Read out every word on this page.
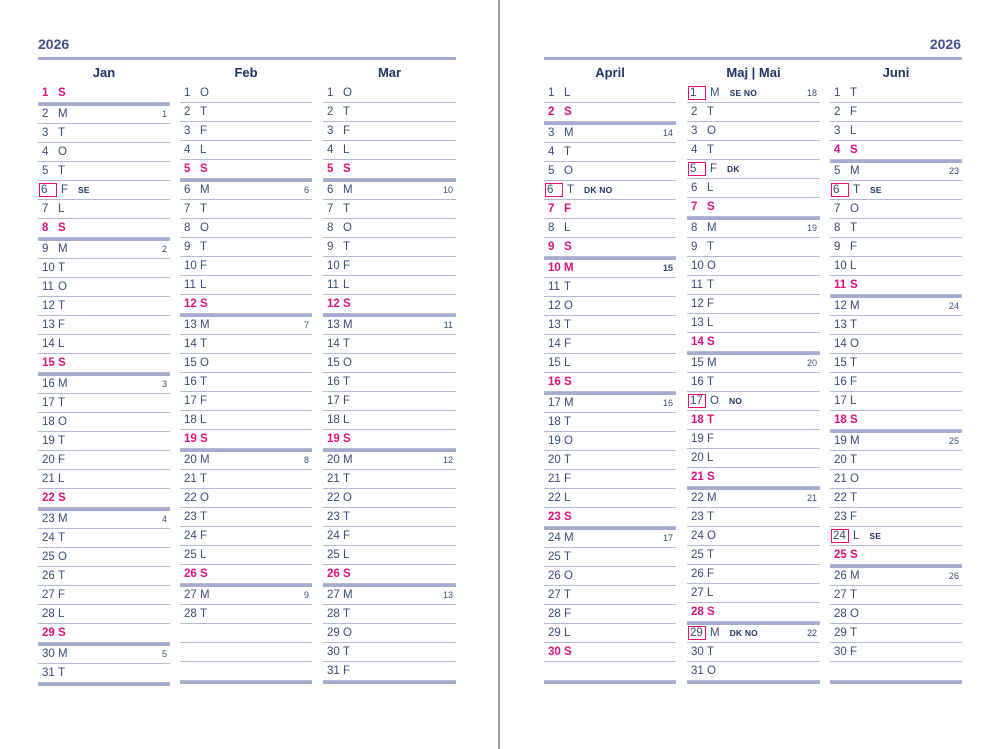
2026
Jan
1 S
2 M	1
3 T
4 O
5 T
6 F SE
7 L
8 S
9 M	2
10 T
11 O
12 T
13 F
14 L
15 S
16 M	3
17 T
18 O
19 T
20 F
21 L
22 S
23 M	4
24 T
25 O
26 T
27 F
28 L
29 S
30 M	5
31 T
Feb
1 O
2 T
3 F
4 L
5 S
6 M	6
7 T
8 O
9 T
10 F
11 L
12 S
13 M	7
14 T
15 O
16 T
17 F
18 L
19 S
20 M	8
21 T
22 O
23 T
24 F
25 L
26 S
27 M	9
28 T
Mar
1 O
2 T
3 F
4 L
5 S
6 M	10
7 T
8 O
9 T
10 F
11 L
12 S
13 M	11
14 T
15 O
16 T
17 F
18 L
19 S
20 M	12
21 T
22 O
23 T
24 F
25 L
26 S
27 M	13
28 T
29 O
30 T
31 F
2026
April
1 L
2 S
3 M	14
4 T
5 O
6 T DK NO
7 F
8 L
9 S
10 M	15
11 T
12 O
13 T
14 F
15 L
16 S
17 M	16
18 T
19 O
20 T
21 F
22 L
23 S
24 M	17
25 T
26 O
27 T
28 F
29 L
30 S
Maj | Mai
1 M SE NO	18
2 T
3 O
4 T
5 F DK
6 L
7 S
8 M	19
9 T
10 O
11 T
12 F
13 L
14 S
15 M	20
16 T
17 O NO
18 T
19 F
20 L
21 S
22 M	21
23 T
24 O
25 T
26 F
27 L
28 S
29 M DK NO	22
30 T
31 O
Juni
1 T
2 F
3 L
4 S
5 M	23
6 T SE
7 O
8 T
9 F
10 L
11 S
12 M	24
13 T
14 O
15 T
16 F
17 L
18 S
19 M	25
20 T
21 O
22 T
23 F
24 L SE
25 S
26 M	26
27 T
28 O
29 T
30 F
